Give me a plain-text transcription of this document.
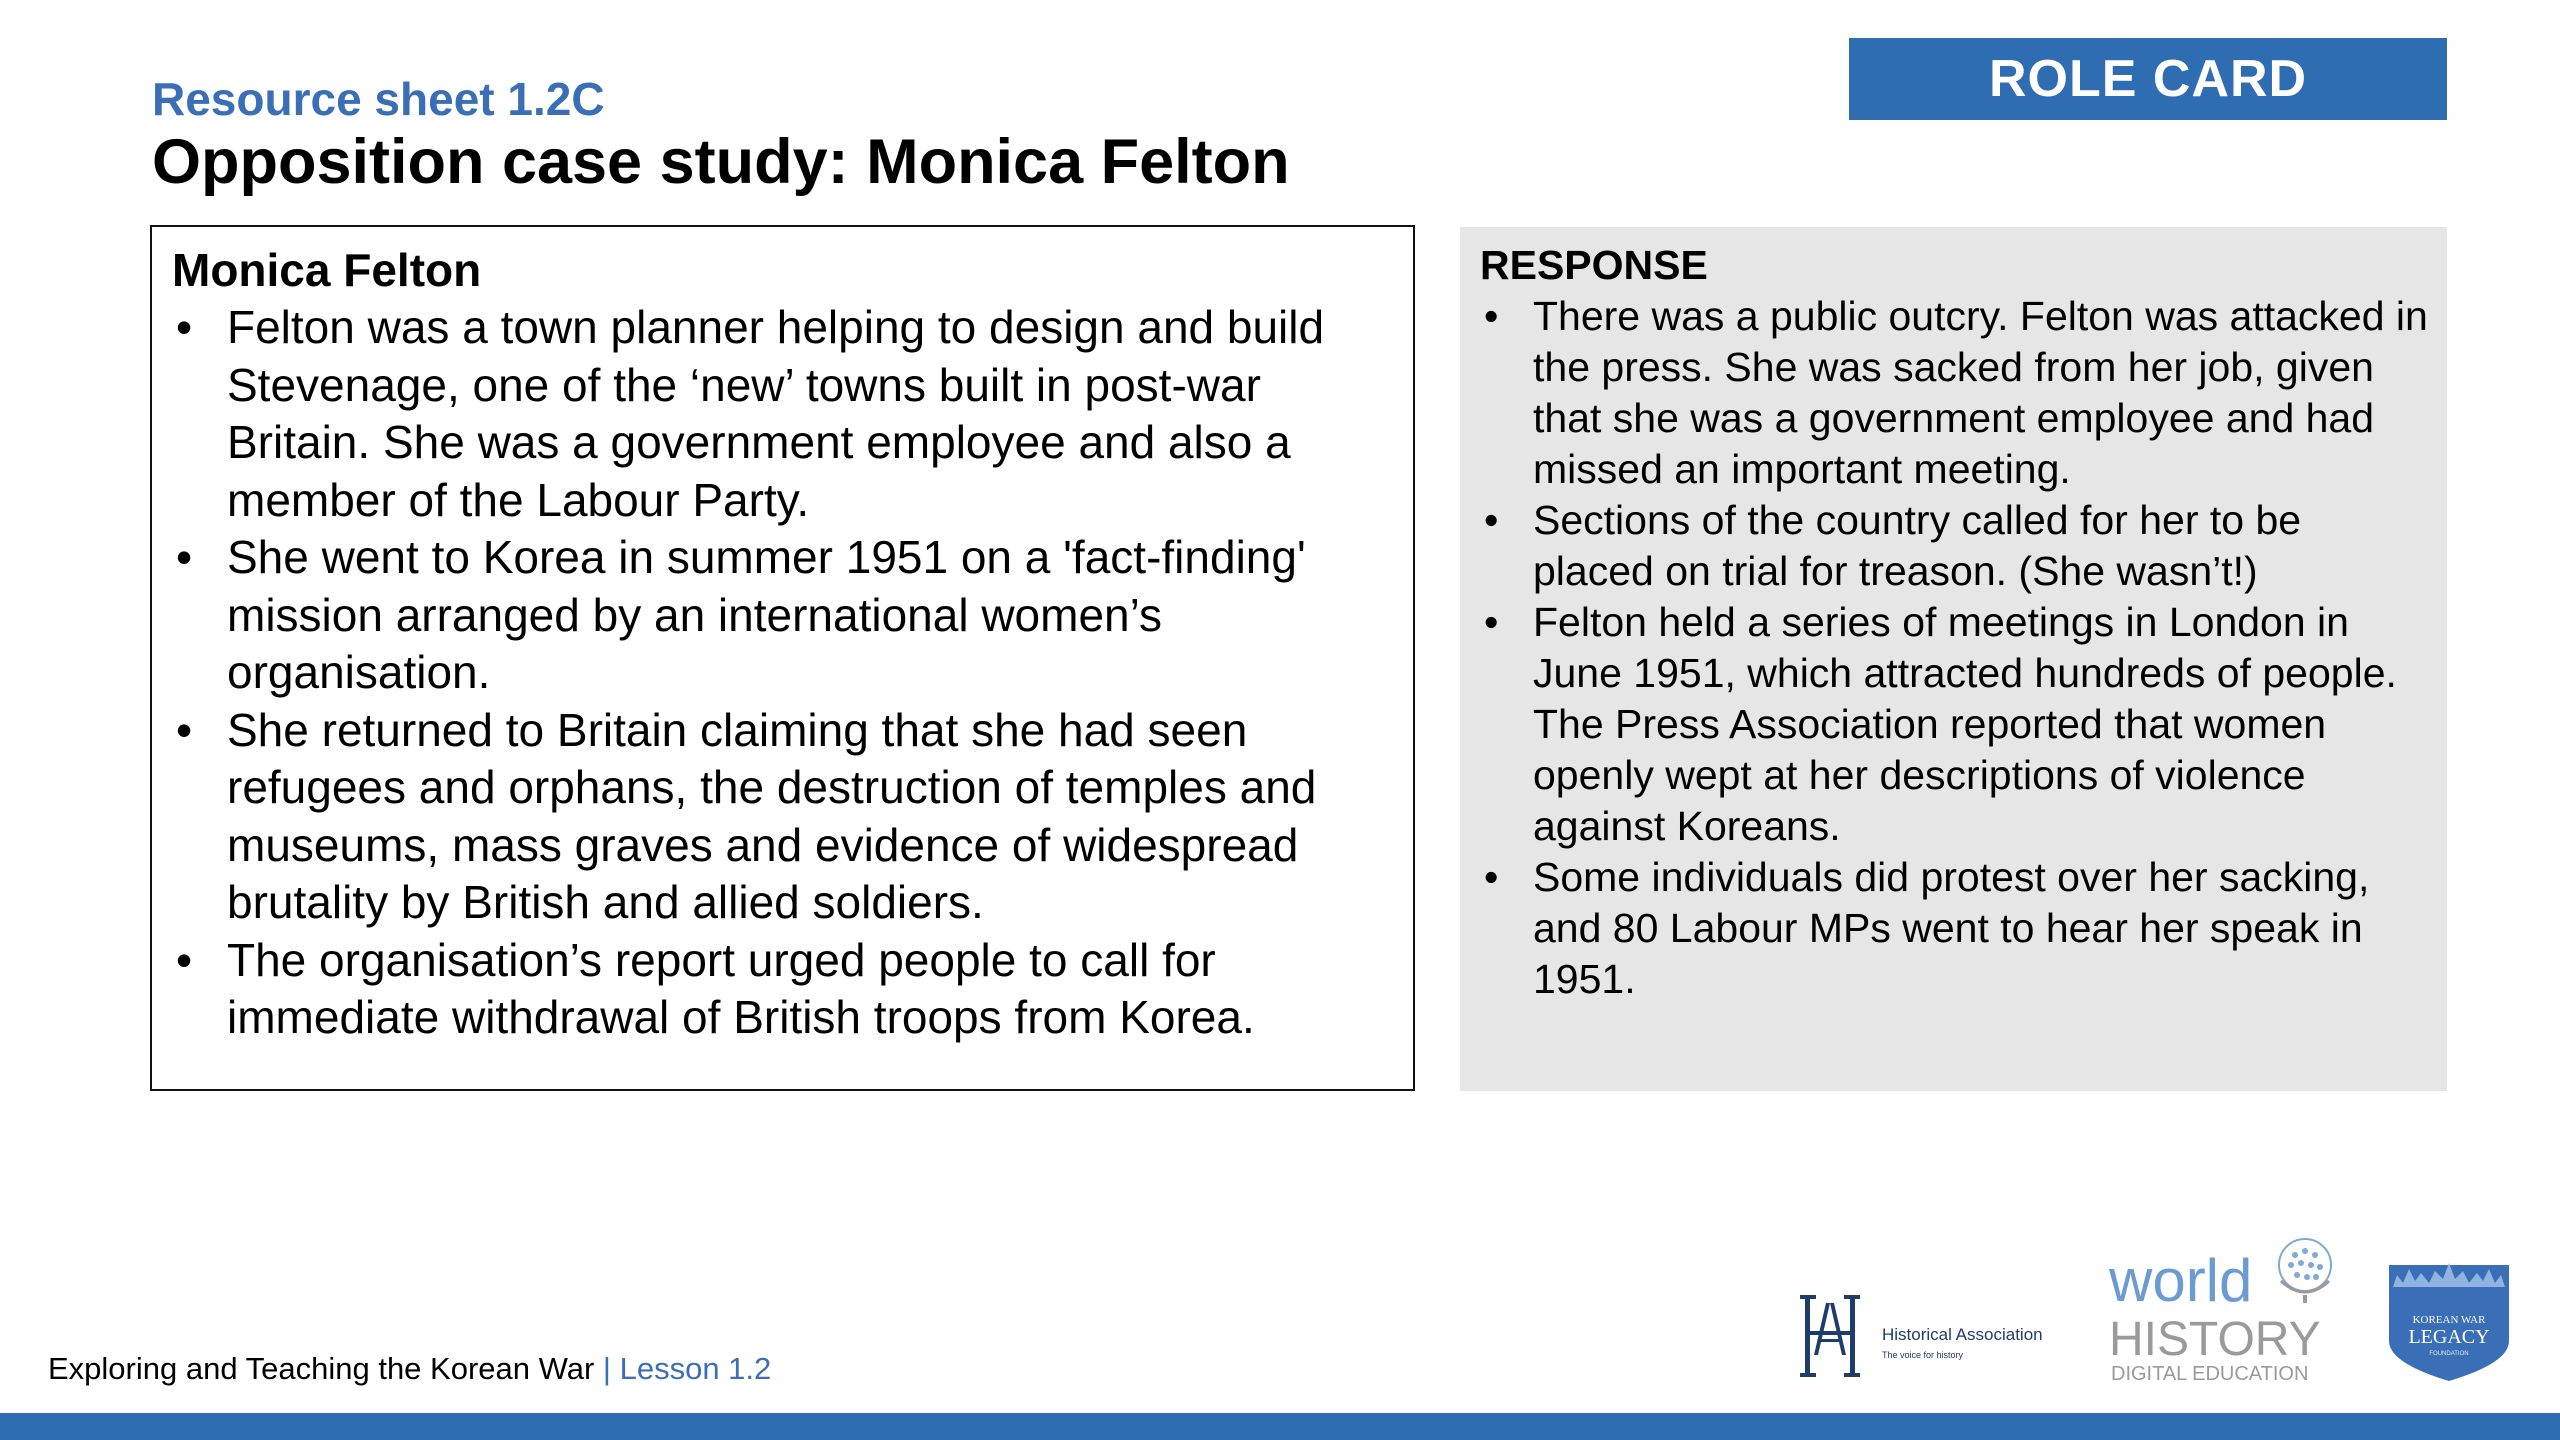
ROLE CARD
Resource sheet 1.2C
Opposition case study: Monica Felton
Monica Felton
• Felton was a town planner helping to design and build Stevenage, one of the ‘new’ towns built in post-war Britain. She was a government employee and also a member of the Labour Party.
• She went to Korea in summer 1951 on a 'fact-finding' mission arranged by an international women’s organisation.
• She returned to Britain claiming that she had seen refugees and orphans, the destruction of temples and museums, mass graves and evidence of widespread brutality by British and allied soldiers.
• The organisation’s report urged people to call for immediate withdrawal of British troops from Korea.
RESPONSE
• There was a public outcry. Felton was attacked in the press. She was sacked from her job, given that she was a government employee and had missed an important meeting.
• Sections of the country called for her to be placed on trial for treason. (She wasn’t!)
• Felton held a series of meetings in London in June 1951, which attracted hundreds of people. The Press Association reported that women openly wept at her descriptions of violence against Koreans.
• Some individuals did protest over her sacking, and 80 Labour MPs went to hear her speak in 1951.
Exploring and Teaching the Korean War | Lesson 1.2
Historical Association
The voice for history
world
HISTORY
DIGITAL EDUCATION
KOREAN WAR
LEGACY
FOUNDATION
